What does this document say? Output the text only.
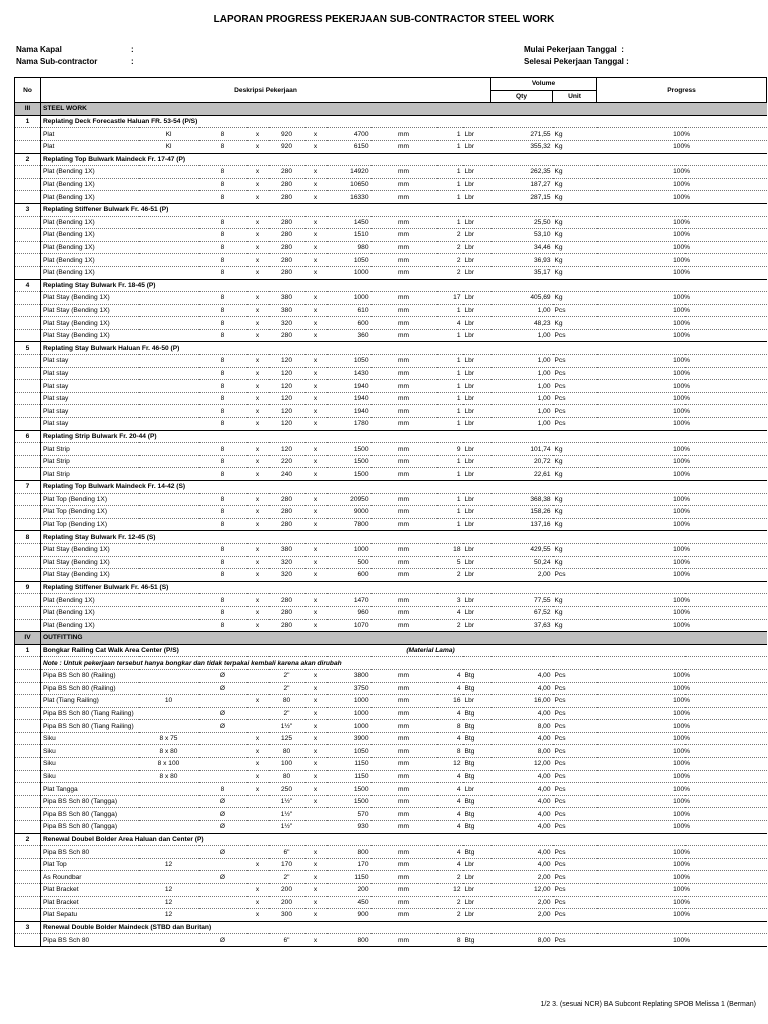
LAPORAN PROGRESS PEKERJAAN SUB-CONTRACTOR STEEL WORK
Nama Kapal	:
Nama Sub-contractor	:
Mulai Pekerjaan Tanggal :
Selesai Pekerjaan Tanggal :
No	Deskripsi Pekerjaan										Volume		Progress
											Qty	Unit	
III	STEEL WORK												
1	Replating Deck Forecastle Haluan FR. 53-54 (P/S)												
	Plat	Kl	8	x	920	x	4700	mm	1	Lbr	271,55	Kg	100%
	Plat	Kl	8	x	920	x	6150	mm	1	Lbr	355,32	Kg	100%
2	Replating Top Bulwark Maindeck Fr. 17-47 (P)												
	Plat (Bending 1X)		8	x	280	x	14920	mm	1	Lbr	262,35	Kg	100%
	Plat (Bending 1X)		8	x	280	x	10650	mm	1	Lbr	187,27	Kg	100%
	Plat (Bending 1X)		8	x	280	x	16330	mm	1	Lbr	287,15	Kg	100%
3	Replating Stiffener Bulwark Fr. 46-51 (P)												
	Plat (Bending 1X)		8	x	280	x	1450	mm	1	Lbr	25,50	Kg	100%
	Plat (Bending 1X)		8	x	280	x	1510	mm	2	Lbr	53,10	Kg	100%
	Plat (Bending 1X)		8	x	280	x	980	mm	2	Lbr	34,46	Kg	100%
	Plat (Bending 1X)		8	x	280	x	1050	mm	2	Lbr	36,93	Kg	100%
	Plat (Bending 1X)		8	x	280	x	1000	mm	2	Lbr	35,17	Kg	100%
4	Replating Stay Bulwark Fr. 18-45 (P)												
	Plat Stay (Bending 1X)		8	x	380	x	1000	mm	17	Lbr	405,69	Kg	100%
	Plat Stay (Bending 1X)		8	x	380	x	610	mm	1	Lbr	1,00	Pcs	100%
	Plat Stay (Bending 1X)		8	x	320	x	600	mm	4	Lbr	48,23	Kg	100%
	Plat Stay (Bending 1X)		8	x	280	x	360	mm	1	Lbr	1,00	Pcs	100%
5	Replating Stay Bulwark Haluan Fr. 46-50 (P)												
	Plat stay		8	x	120	x	1050	mm	1	Lbr	1,00	Pcs	100%
	Plat stay		8	x	120	x	1430	mm	1	Lbr	1,00	Pcs	100%
	Plat stay		8	x	120	x	1940	mm	1	Lbr	1,00	Pcs	100%
	Plat stay		8	x	120	x	1940	mm	1	Lbr	1,00	Pcs	100%
	Plat stay		8	x	120	x	1940	mm	1	Lbr	1,00	Pcs	100%
	Plat stay		8	x	120	x	1780	mm	1	Lbr	1,00	Pcs	100%
6	Replating Strip Bulwark Fr. 20-44 (P)												
	Plat Strip		8	x	120	x	1500	mm	9	Lbr	101,74	Kg	100%
	Plat Strip		8	x	220	x	1500	mm	1	Lbr	20,72	Kg	100%
	Plat Strip		8	x	240	x	1500	mm	1	Lbr	22,61	Kg	100%
7	Replating Top Bulwark Maindeck Fr. 14-42 (S)												
	Plat Top (Bending 1X)		8	x	280	x	20950	mm	1	Lbr	368,38	Kg	100%
	Plat Top (Bending 1X)		8	x	280	x	9000	mm	1	Lbr	158,26	Kg	100%
	Plat Top (Bending 1X)		8	x	280	x	7800	mm	1	Lbr	137,16	Kg	100%
8	Replating Stay Bulwark Fr. 12-45 (S)												
	Plat Stay (Bending 1X)		8	x	380	x	1000	mm	18	Lbr	429,55	Kg	100%
	Plat Stay (Bending 1X)		8	x	320	x	500	mm	5	Lbr	50,24	Kg	100%
	Plat Stay (Bending 1X)		8	x	320	x	600	mm	2	Lbr	2,00	Pcs	100%
9	Replating Stiffener Bulwark Fr. 46-51 (S)												
	Plat (Bending 1X)		8	x	280	x	1470	mm	3	Lbr	77,55	Kg	100%
	Plat (Bending 1X)		8	x	280	x	960	mm	4	Lbr	67,52	Kg	100%
	Plat (Bending 1X)		8	x	280	x	1070	mm	2	Lbr	37,63	Kg	100%
IV	OUTFITTING												
1	Bongkar Railing Cat Walk Area Center (P/S)							(Material Lama)					
	Note : Untuk pekerjaan tersebut hanya bongkar dan tidak terpakai kembali karena akan dirubah												
	Pipa BS Sch 80 (Railing)		Ø		2"	x	3800	mm	4	Btg	4,00	Pcs	100%
	Pipa BS Sch 80 (Railing)		Ø		2"	x	3750	mm	4	Btg	4,00	Pcs	100%
	Plat (Tiang Railing)	10		x	80	x	1000	mm	16	Lbr	16,00	Pcs	100%
	Pipa BS Sch 80 (Tiang Railing)		Ø		2"	x	1000	mm	4	Btg	4,00	Pcs	100%
	Pipa BS Sch 80 (Tiang Railing)		Ø		1½"	x	1000	mm	8	Btg	8,00	Pcs	100%
	Siku	8 x 75		x	125	x	3900	mm	4	Btg	4,00	Pcs	100%
	Siku	8 x 80		x	80	x	1050	mm	8	Btg	8,00	Pcs	100%
	Siku	8 x 100		x	100	x	1150	mm	12	Btg	12,00	Pcs	100%
	Siku	8 x 80		x	80	x	1150	mm	4	Btg	4,00	Pcs	100%
	Plat Tangga		8	x	250	x	1500	mm	4	Lbr	4,00	Pcs	100%
	Pipa BS Sch 80 (Tangga)		Ø		1½"	x	1500	mm	4	Btg	4,00	Pcs	100%
	Pipa BS Sch 80 (Tangga)		Ø		1½"		570	mm	4	Btg	4,00	Pcs	100%
	Pipa BS Sch 80 (Tangga)		Ø		1½"		930	mm	4	Btg	4,00	Pcs	100%
2	Renewal Doubel Bolder Area Haluan dan Center (P)												
	Pipa BS Sch 80		Ø		6"	x	800	mm	4	Btg	4,00	Pcs	100%
	Plat Top	12		x	170	x	170	mm	4	Lbr	4,00	Pcs	100%
	As Roundbar		Ø		2"	x	1150	mm	2	Lbr	2,00	Pcs	100%
	Plat Bracket	12		x	200	x	200	mm	12	Lbr	12,00	Pcs	100%
	Plat Bracket	12		x	200	x	450	mm	2	Lbr	2,00	Pcs	100%
	Plat Sepatu	12		x	300	x	900	mm	2	Lbr	2,00	Pcs	100%
3	Renewal Double Bolder Maindeck (STBD dan Buritan)												
	Pipa BS Sch 80		Ø		6"	x	800	mm	8	Btg	8,00	Pcs	100%
1/2 3. (sesuai NCR) BA Subcont Replating SPOB Melissa 1 (Berman)
